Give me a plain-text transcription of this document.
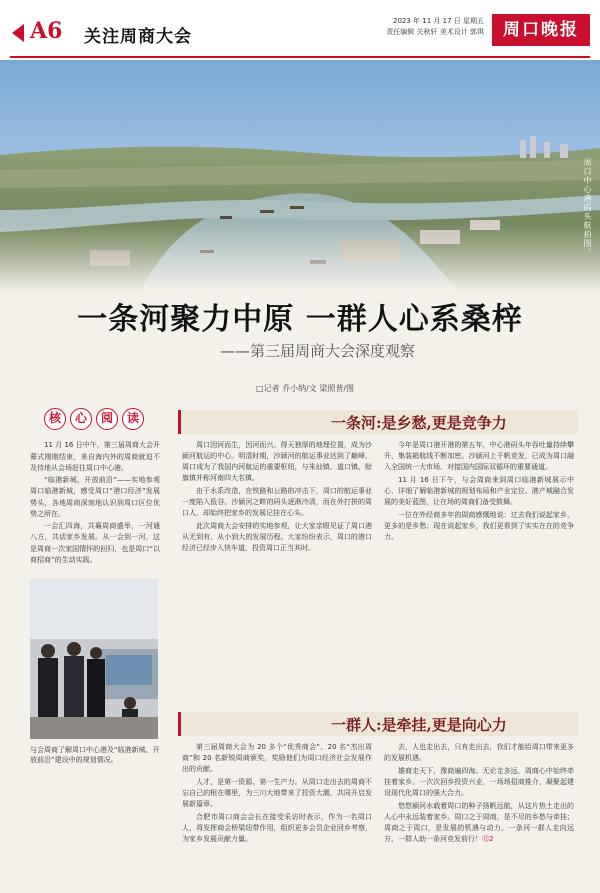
A6 关注周商大会
2023 年 11 月 17 日 星期五
责任编辑 关秋轩 美术设计 郭琪	周口晚报
周口中心港码头航拍图。
一条河聚力中原 一群人心系桑梓
——第三届周商大会深度观察
□记者 乔小纳/文 梁照普/图
核	心	阅	读

11 月 16 日中午，第三届周商大会开幕式刚刚结束，来自海内外的周商就迫不及待地从会场赶往周口中心港。

“临港新城，开放前沿”——实地参观周口临港新城，感受周口“港口经济”发展势头，各地周商深刻地认识到周口区位优势之所在。

一会汇四海，共襄周商盛举，一河通八方，共话家乡发展。从一会到一河，这是周商一次家国情怀的回归，也是周口“以商招商”的生动实践。

与会周商了解周口中心港及“临港新城、开放前沿”建设中的规划情况。
一条河:是乡愁,更是竞争力

周口因河而生，因河而兴。得天独厚的地理位置，成为沙颍河航运的中心。明清时期，沙颍河的航运事业达到了巅峰，周口成为了我国内河航运的重要枢纽，与朱仙镇、道口镇、赊旗镇并称河南四大名镇。

由于水系改造，在铁路和公路的冲击下，周口的航运事业一度陷入低谷。沙颍河之畔的码头逐渐冷清，而在外打拼的周口人，却始终把家乡的发展记挂在心头。

此次周商大会安排的实地参观，让大家亲眼见证了周口港从无到有、从小到大的发展历程。大家纷纷表示，周口的港口经济已经步入快车道，投资周口正当其时。

今年是周口港开港的第五年，中心港码头年吞吐量持续攀升，集装箱航线不断加密。沙颍河上千帆竞发，已成为周口融入全国统一大市场、对接国内国际双循环的重要通道。

11 月 16 日下午，与会周商来到周口临港新城展示中心，详细了解临港新城的规划布局和产业定位。港产城融合发展的美好蓝图，让在场的周商们备受鼓舞。

一位在外经商多年的周商感慨地说：过去我们说起家乡，更多的是乡愁；现在说起家乡，我们更看到了实实在在的竞争力。

一群人:是牵挂,更是向心力

第三届周商大会为 20 多个“优秀商会”、20 名“杰出周商”和 20 名新锐周商颁奖，奖励他们为周口经济社会发展作出的贡献。

人才，是第一资源、第一生产力。从周口走出去的周商不忘自己的根在哪里，为三川大地带来了投资大潮，共同开启发展新篇章。

合肥市周口商会会长在接受采访时表示，作为一名周口人，将发挥商会桥梁纽带作用，组织更多会员企业回乡考察，为家乡发展贡献力量。

去，人也走出去，只有走出去，我们才能给周口带来更多的发展机遇。

雄商走天下，豫商遍四海。无论走多远，周商心中始终牵挂着家乡。一次次回乡投资兴业，一场场招商推介，凝聚起建设现代化周口的强大合力。

悠悠颍河水载着周口的种子扬帆远航，从这片热土走出的人心中永远装着家乡。周口之于周商，是不尽的乡愁与牵挂；周商之于周口，是发展的机遇与动力。一条河一群人走向远方，一群人助一条河竞发前行！⑫2
